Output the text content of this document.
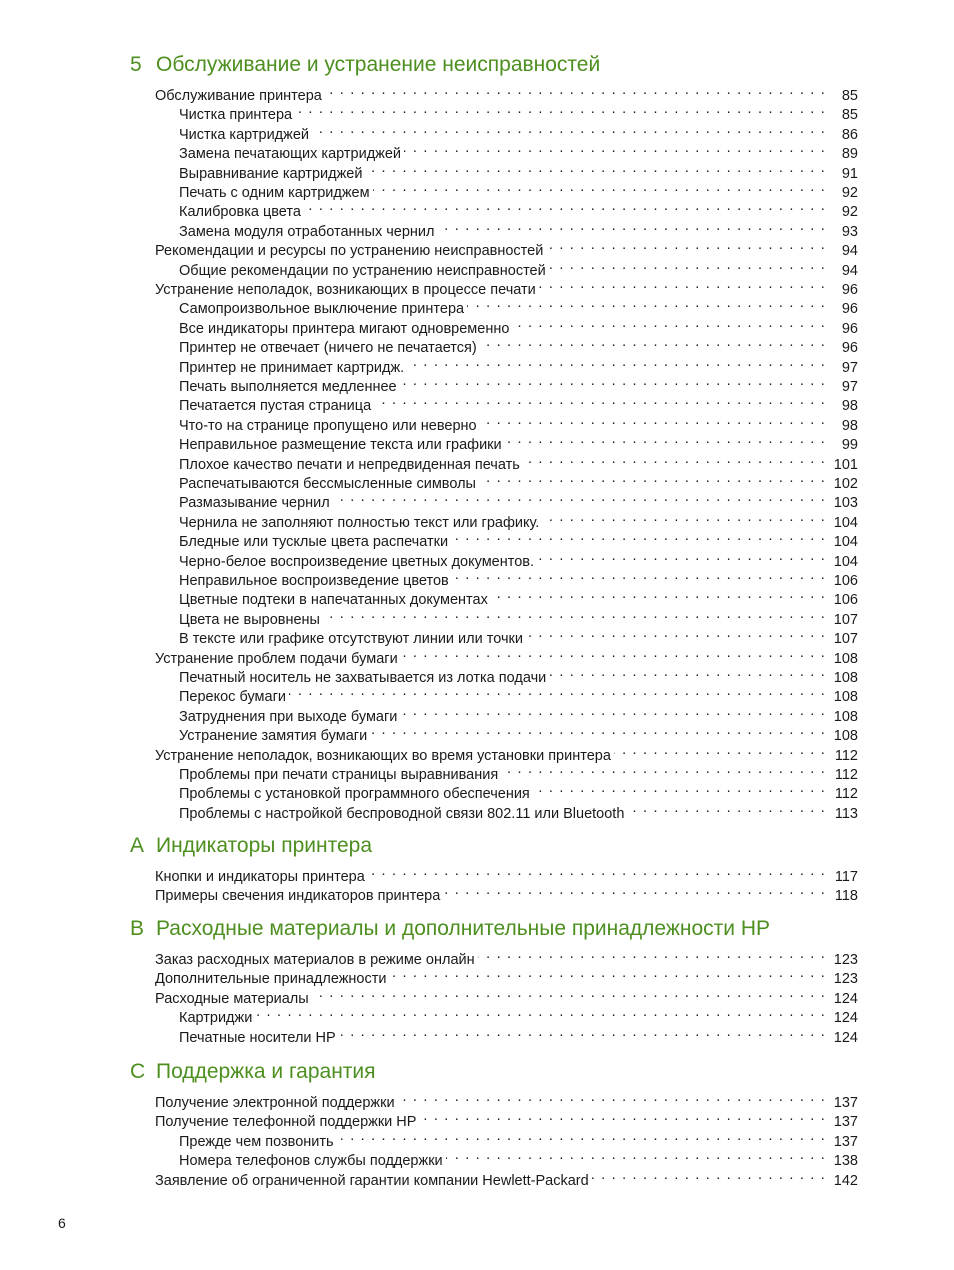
5 Обслуживание и устранение неисправностей
Обслуживание принтера . . .	85
Чистка принтера . . .	85
Чистка картриджей . . .	86
Замена печатающих картриджей . . .	89
Выравнивание картриджей . . .	91
Печать с одним картриджем . . .	92
Калибровка цвета . . .	92
Замена модуля отработанных чернил . . .	93
Рекомендации и ресурсы по устранению неисправностей . . .	94
Общие рекомендации по устранению неисправностей . . .	94
Устранение неполадок, возникающих в процессе печати . . .	96
Самопроизвольное выключение принтера . . .	96
Все индикаторы принтера мигают одновременно . . .	96
Принтер не отвечает (ничего не печатается) . . .	96
Принтер не принимает картридж. . . .	97
Печать выполняется медленнее . . .	97
Печатается пустая страница . . .	98
Что-то на странице пропущено или неверно . . .	98
Неправильное размещение текста или графики . . .	99
Плохое качество печати и непредвиденная печать . . .	101
Распечатываются бессмысленные символы . . .	102
Размазывание чернил . . .	103
Чернила не заполняют полностью текст или графику. . . .	104
Бледные или тусклые цвета распечатки . . .	104
Черно-белое воспроизведение цветных документов. . . .	104
Неправильное воспроизведение цветов . . .	106
Цветные подтеки в напечатанных документах . . .	106
Цвета не выровнены . . .	107
В тексте или графике отсутствуют линии или точки . . .	107
Устранение проблем подачи бумаги . . .	108
Печатный носитель не захватывается из лотка подачи . . .	108
Перекос бумаги . . .	108
Затруднения при выходе бумаги . . .	108
Устранение замятия бумаги . . .	108
Устранение неполадок, возникающих во время установки принтера . . .	112
Проблемы при печати страницы выравнивания . . .	112
Проблемы с установкой программного обеспечения . . .	112
Проблемы с настройкой беспроводной связи 802.11 или Bluetooth . . .	113
A Индикаторы принтера
Кнопки и индикаторы принтера . . .	117
Примеры свечения индикаторов принтера . . .	118
B Расходные материалы и дополнительные принадлежности HP
Заказ расходных материалов в режиме онлайн . . .	123
Дополнительные принадлежности . . .	123
Расходные материалы . . .	124
Картриджи . . .	124
Печатные носители HP . . .	124
C Поддержка и гарантия
Получение электронной поддержки . . .	137
Получение телефонной поддержки HP . . .	137
Прежде чем позвонить . . .	137
Номера телефонов службы поддержки . . .	138
Заявление об ограниченной гарантии компании Hewlett-Packard . . .	142
6
